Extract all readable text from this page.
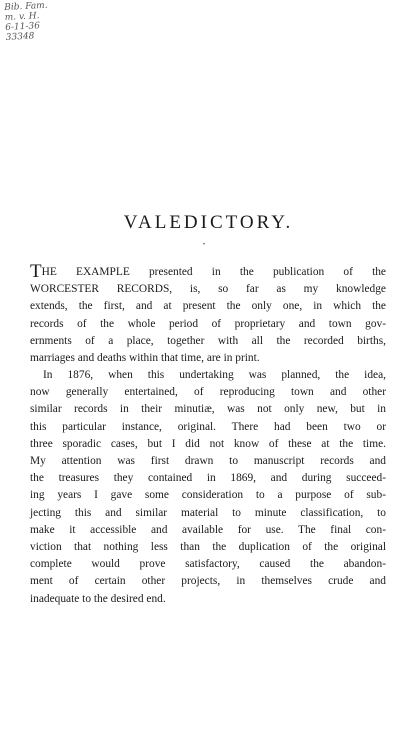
Bib. Fam.
m. v. H.
6-11-36
33348
VALEDICTORY.
•
THE EXAMPLE presented in the publication of the
WORCESTER RECORDS, is, so far as my knowledge
extends, the first, and at present the only one, in which the
records of the whole period of proprietary and town gov-
ernments of a place, together with all the recorded births,
marriages and deaths within that time, are in print.
In 1876, when this undertaking was planned, the idea,
now generally entertained, of reproducing town and other
similar records in their minutiæ, was not only new, but in
this particular instance, original. There had been two or
three sporadic cases, but I did not know of these at the time.
My attention was first drawn to manuscript records and
the treasures they contained in 1869, and during succeed-
ing years I gave some consideration to a purpose of sub-
jecting this and similar material to minute classification, to
make it accessible and available for use. The final con-
viction that nothing less than the duplication of the original
complete would prove satisfactory, caused the abandon-
ment of certain other projects, in themselves crude and
inadequate to the desired end.
